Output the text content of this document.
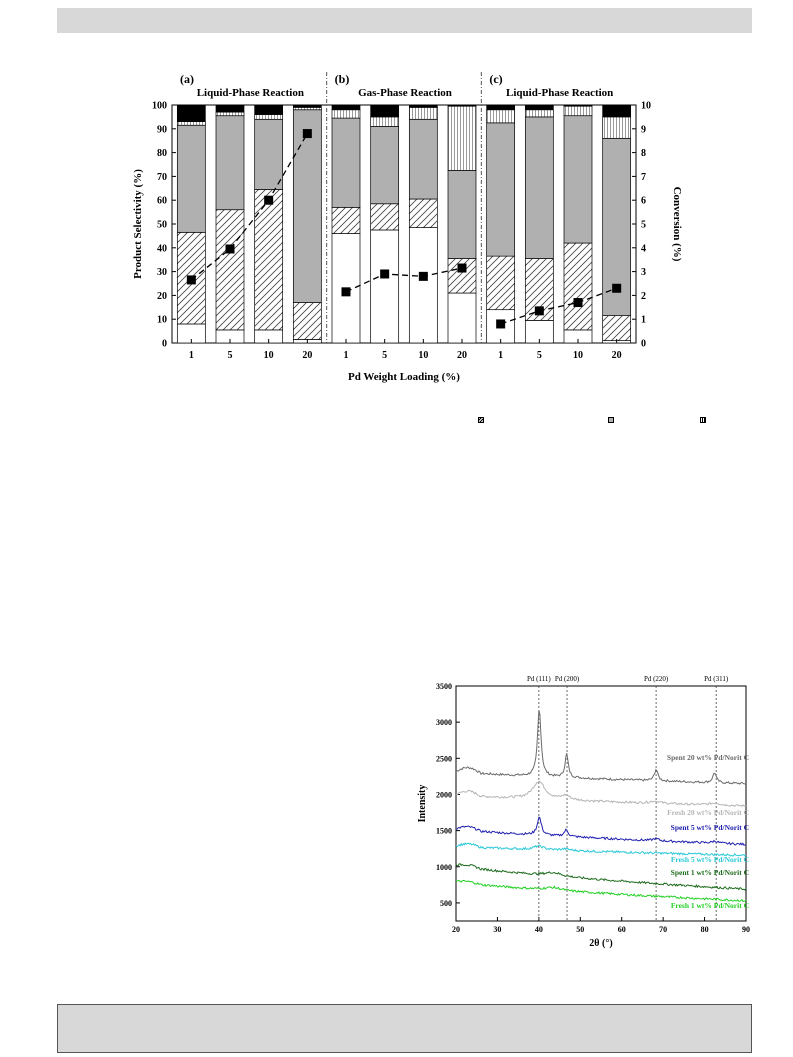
0
10
20
30
40
50
60
70
80
90
100
0
1
2
3
4
5
6
7
8
9
10
Product Selectivity (%)	Conversion (%)
Pd Weight Loading (%)
(a)
Liquid-Phase Reaction
1	5	10	20
(b)
Gas-Phase Reaction
1	5	10	20
(c)
Liquid-Phase Reaction
1	5	10	20
20	30	40	50	60	70	80	90
500
1000
1500
2000
2500
3000
3500
Intensity
2θ (°)
Pd (111) Pd (200)	Pd (220)	Pd (311)
Spent 20 wt% Pd/Norit C
Fresh 20 wt% Pd/Norit C
Spent 5 wt% Pd/Norit C
Fresh 5 wt% Pd/Norit C
Spent 1 wt% Pd/Norit C
Fresh 1 wt% Pd/Norit C
